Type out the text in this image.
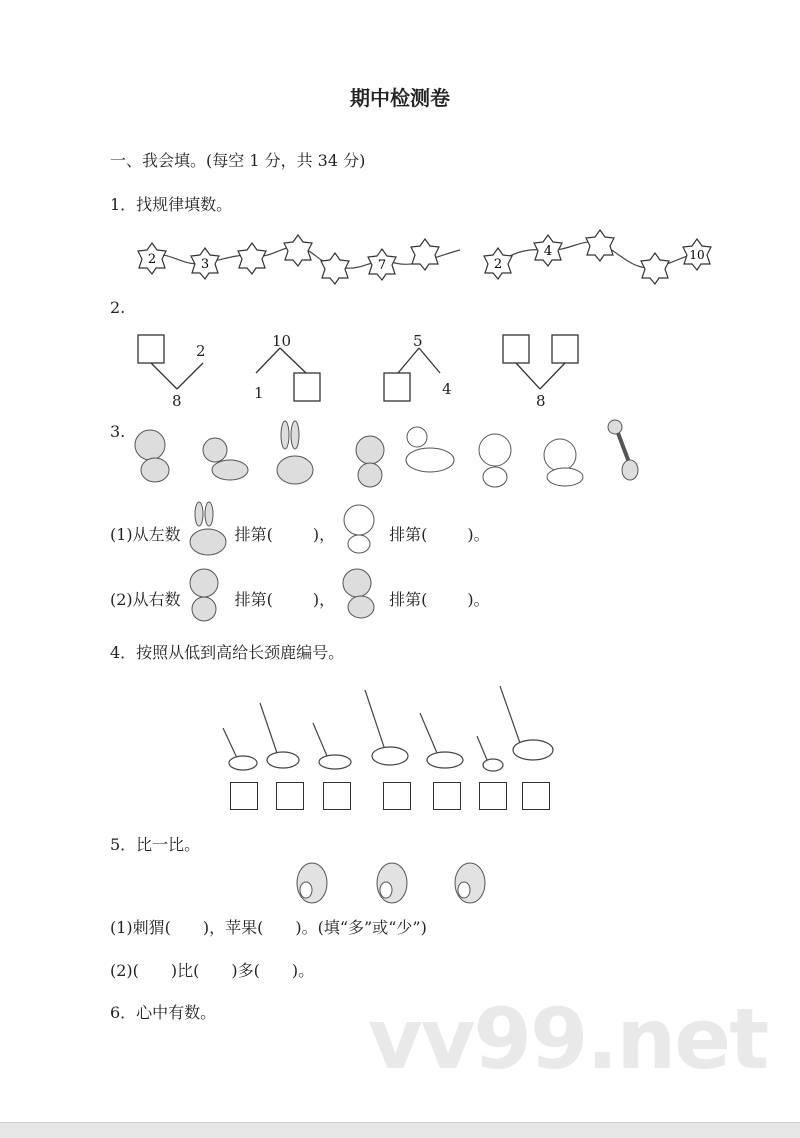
期中检测卷
一、我会填。(每空 1 分，共 34 分)
1．找规律填数。
2	3	7	2
4	10
2.
2
8
10
1
5
4
8
3.
(1)从左数	排第(	)，	排第(	)。
(2)从右数	排第(	)，	排第(	)。
4．按照从低到高给长颈鹿编号。
5．比一比。
(1)刺猬(　　)，苹果(　　)。(填“多”或“少”)
(2)(　　)比(　　)多(　　)。
6．心中有数。 vv99.net
